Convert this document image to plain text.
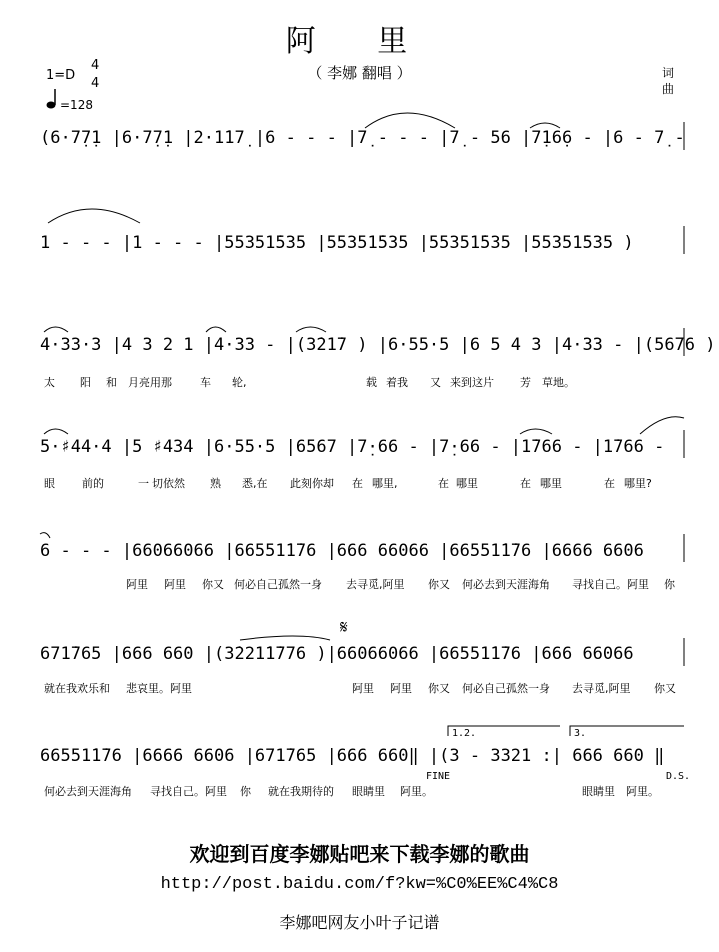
阿 里
（ 李娜 翻唱 ）	词
曲
1=D
4
4
=128
(6·7̣7̣1 |6·7̣7̣1 |2·1̇17̣ |6 - - - |7̣ - - - |7̣ - 56 |7̣16̣6 - |6 - 7̣ -
1 - - - |1 - - - |55351̇535 |55351̇535 |55351̇535 |55351̇535 )
4·33·3 |4 3 2 1 |4·33 - |(3̇21̇7 ) |6·55·5 |6 5 4 3 |4·33 - |(5676 )
太 阳 和 月亮用那	车 轮,	载 着我 又 来到这片 芳 草地。
5·♯44·4 |5 ♯434 |6·55·5 |6567 |7̣·66 - |7̣·66 - |1̇766 - |1̇766 -
眼 前的	一 切依然 熟 悉,在 此刻你却 在 哪里,	在 哪里	在 哪里	在 哪里?
6 - - - |66066066 |66551̇1̇76 |666 66066 |66551̇1̇76 |6666 6606
阿里 阿里 你又 何必自己孤然一身 去寻觅,阿里 你又 何必去到天涯海角 寻找自己。阿里 你
𝄋
671̇765 |666 660 |(3̇221̇1̇776 )|66066066 |66551̇1̇76 |666 66066
就在我欢乐和 悲哀里。阿里	阿里 阿里 你又 何必自己孤然一身 去寻觅,阿里 你又
1.2.	3.
66551̇1̇76 |6666 6606 |671̇765 |666 660‖ |(3 - 3321 :| 666 660 ‖
FINE	D.S.
何必去到天涯海角 寻找自己。阿里 你 就在我期待的 眼睛里 阿里。	眼睛里 阿里。
欢迎到百度李娜贴吧来下载李娜的歌曲
http://post.baidu.com/f?kw=%C0%EE%C4%C8
李娜吧网友小叶子记谱
